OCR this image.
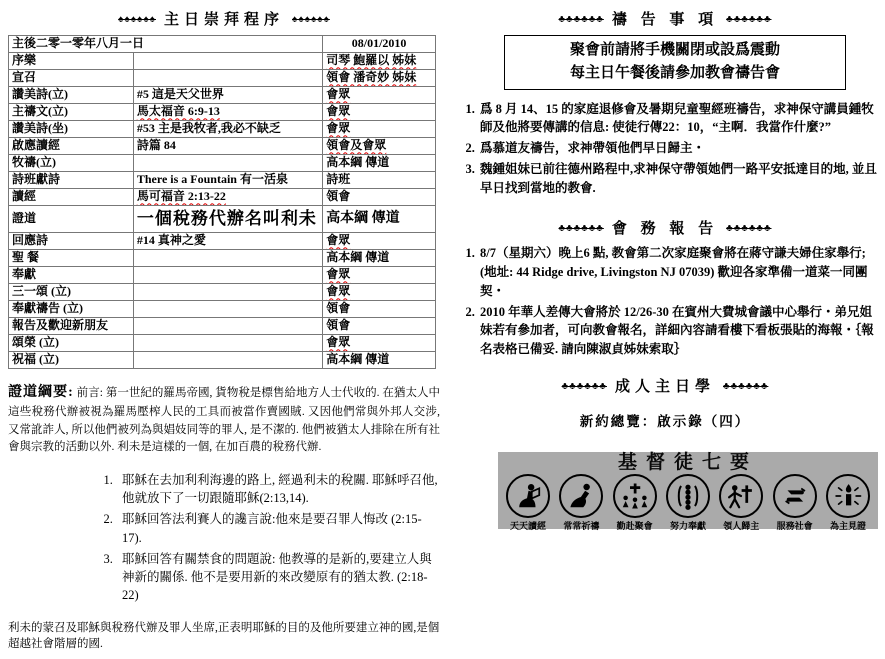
♠♠♠♠♠♠ 主日崇拜程序 ♠♠♠♠♠♠
主後二零一零年八月一日		08/01/2010
序樂		司琴 鮑羅以 姊妹
宣召		領會 潘奇妙 姊妹
讚美詩(立)	#5 這是天父世界	會眾
主禱文(立)	馬太福音 6:9-13	會眾
讚美詩(坐)	#53 主是我牧者,我必不缺乏	會眾
啟應讀經	詩篇 84	領會及會眾
牧禱(立)		高本綱 傳道
詩班獻詩	There is a Fountain 有一活泉	詩班
讀經	馬可福音 2:13-22	領會
證道	一個稅務代辦名叫利未	高本綱 傳道
回應詩	#14 真神之愛	會眾
聖 餐		高本綱 傳道
奉獻		會眾
三一頌 (立)		會眾
奉獻禱告 (立)		領會
報告及歡迎新朋友		領會
頌榮 (立)		會眾
祝福 (立)		高本綱 傳道
證道綱要: 前言: 第一世紀的羅馬帝國, 貨物稅是標售給地方人士代收的. 在猶太人中這些稅務代辦被視為羅馬壓榨人民的工具而被當作賣國賊. 又因他們常與外邦人交涉, 又常訛詐人, 所以他們被列為與娼妓同等的罪人, 是不潔的. 他們被猶太人排除在所有社會與宗教的活動以外. 利未是這樣的一個, 在加百農的稅務代辦.
1. 耶穌在去加利利海邊的路上, 經過利未的稅關. 耶穌呼召他, 他就放下了一切跟隨耶穌(2:13,14).
2. 耶穌回答法利賽人的讒言說:他來是要召罪人悔改 (2:15-17).
3. 耶穌回答有關禁食的問題說: 他教導的是新的,要建立人與神新的關係. 他不是要用新的來改變原有的猶太教. (2:18-22)
利未的蒙召及耶穌與稅務代辦及罪人坐席,正表明耶穌的目的及他所要建立神的國,是個超越社會階層的國.
♣♣♣♣♣♣ 禱 告 事 項 ♣♣♣♣♣♣
聚會前請將手機關閉或設爲震動
每主日午餐後請參加教會禱告會
1. 爲 8 月 14、15 的家庭退修會及暑期兒童聖經班禱告，求神保守講員鍾牧師及他將要傳講的信息: 使徒行傳22：10，“主啊．我當作什麼?”
2. 爲慕道友禱告，求神帶領他們早日歸主・
3. 魏鍾姐妹已前往德州路程中,求神保守帶領她們一路平安抵達目的地, 並且早日找到當地的教會.
♣♣♣♣♣♣ 會 務 報 告 ♣♣♣♣♣♣
1. 8/7（星期六）晚上6 點, 教會第二次家庭聚會將在蔣守謙夫婦住家舉行; (地址: 44 Ridge drive, Livingston NJ 07039) 歡迎各家準備一道菜一同團契・
2. 2010 年華人差傳大會將於 12/26-30 在賓州大費城會議中心舉行・弟兄姐妹若有參加者，可向教會報名，詳細內容請看樓下看板張貼的海報・｛報名表格已備妥. 請向陳淑貞姊妹索取｝
♣♣♣♣♣♣ 成人主日學 ♣♣♣♣♣♣
新約總覽：啟示錄（四）
基督徒七要
天天讀經 常常祈禱 勤赴聚會 努力奉獻 領人歸主 服務社會 為主見證
